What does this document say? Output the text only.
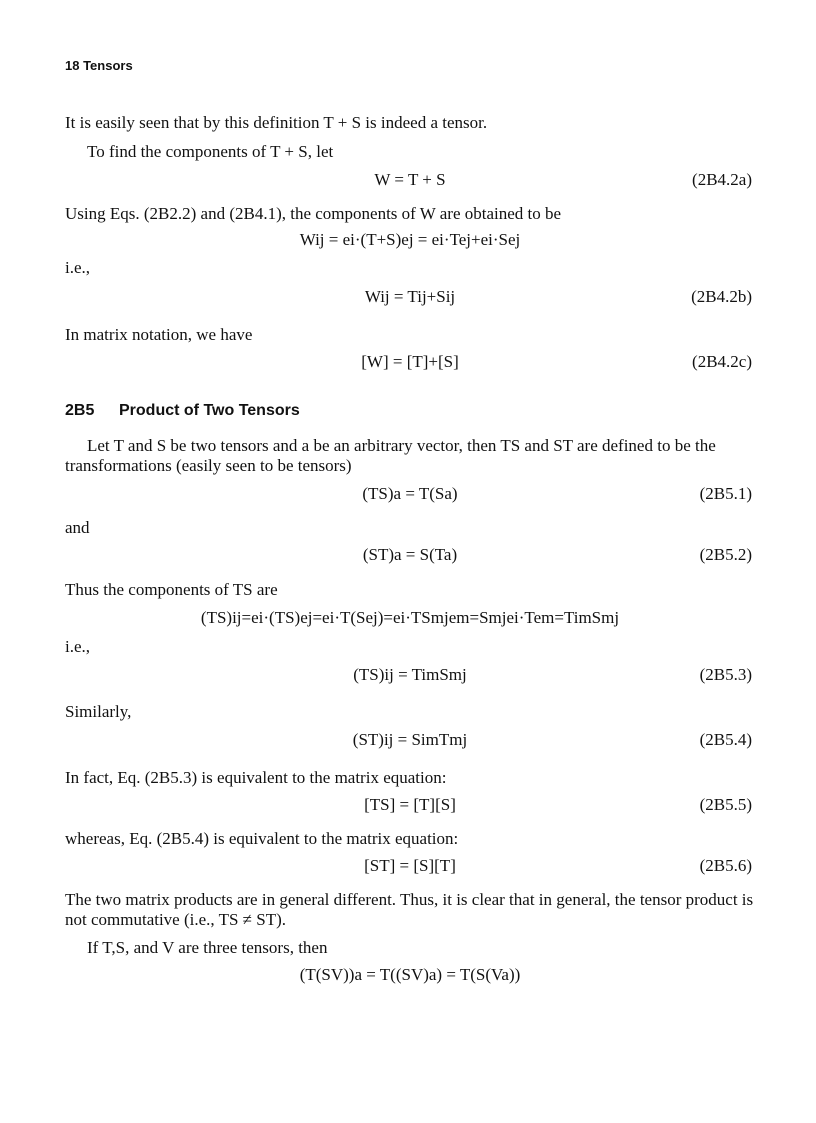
18 Tensors
It is easily seen that by this definition T + S is indeed a tensor.
To find the components of T + S, let
W = T + S	(2B4.2a)
Using Eqs. (2B2.2) and (2B4.1), the components of W are obtained to be
Wij = ei·(T+S)ej = ei·Tej+ei·Sej
i.e.,
Wij = Tij+Sij	(2B4.2b)
In matrix notation, we have
[W] = [T]+[S]	(2B4.2c)
2B5 Product of Two Tensors
Let T and S be two tensors and a be an arbitrary vector, then TS and ST are defined to be the transformations (easily seen to be tensors)
(TS)a = T(Sa)	(2B5.1)
and
(ST)a = S(Ta)	(2B5.2)
Thus the components of TS are
(TS)ij=ei·(TS)ej=ei·T(Sej)=ei·TSmjem=Smjei·Tem=TimSmj
i.e.,
(TS)ij = TimSmj	(2B5.3)
Similarly,
(ST)ij = SimTmj	(2B5.4)
In fact, Eq. (2B5.3) is equivalent to the matrix equation:
[TS] = [T][S]	(2B5.5)
whereas, Eq. (2B5.4) is equivalent to the matrix equation:
[ST] = [S][T]	(2B5.6)
The two matrix products are in general different. Thus, it is clear that in general, the tensor product is not commutative (i.e., TS ≠ ST).
If T,S, and V are three tensors, then
(T(SV))a = T((SV)a) = T(S(Va))
